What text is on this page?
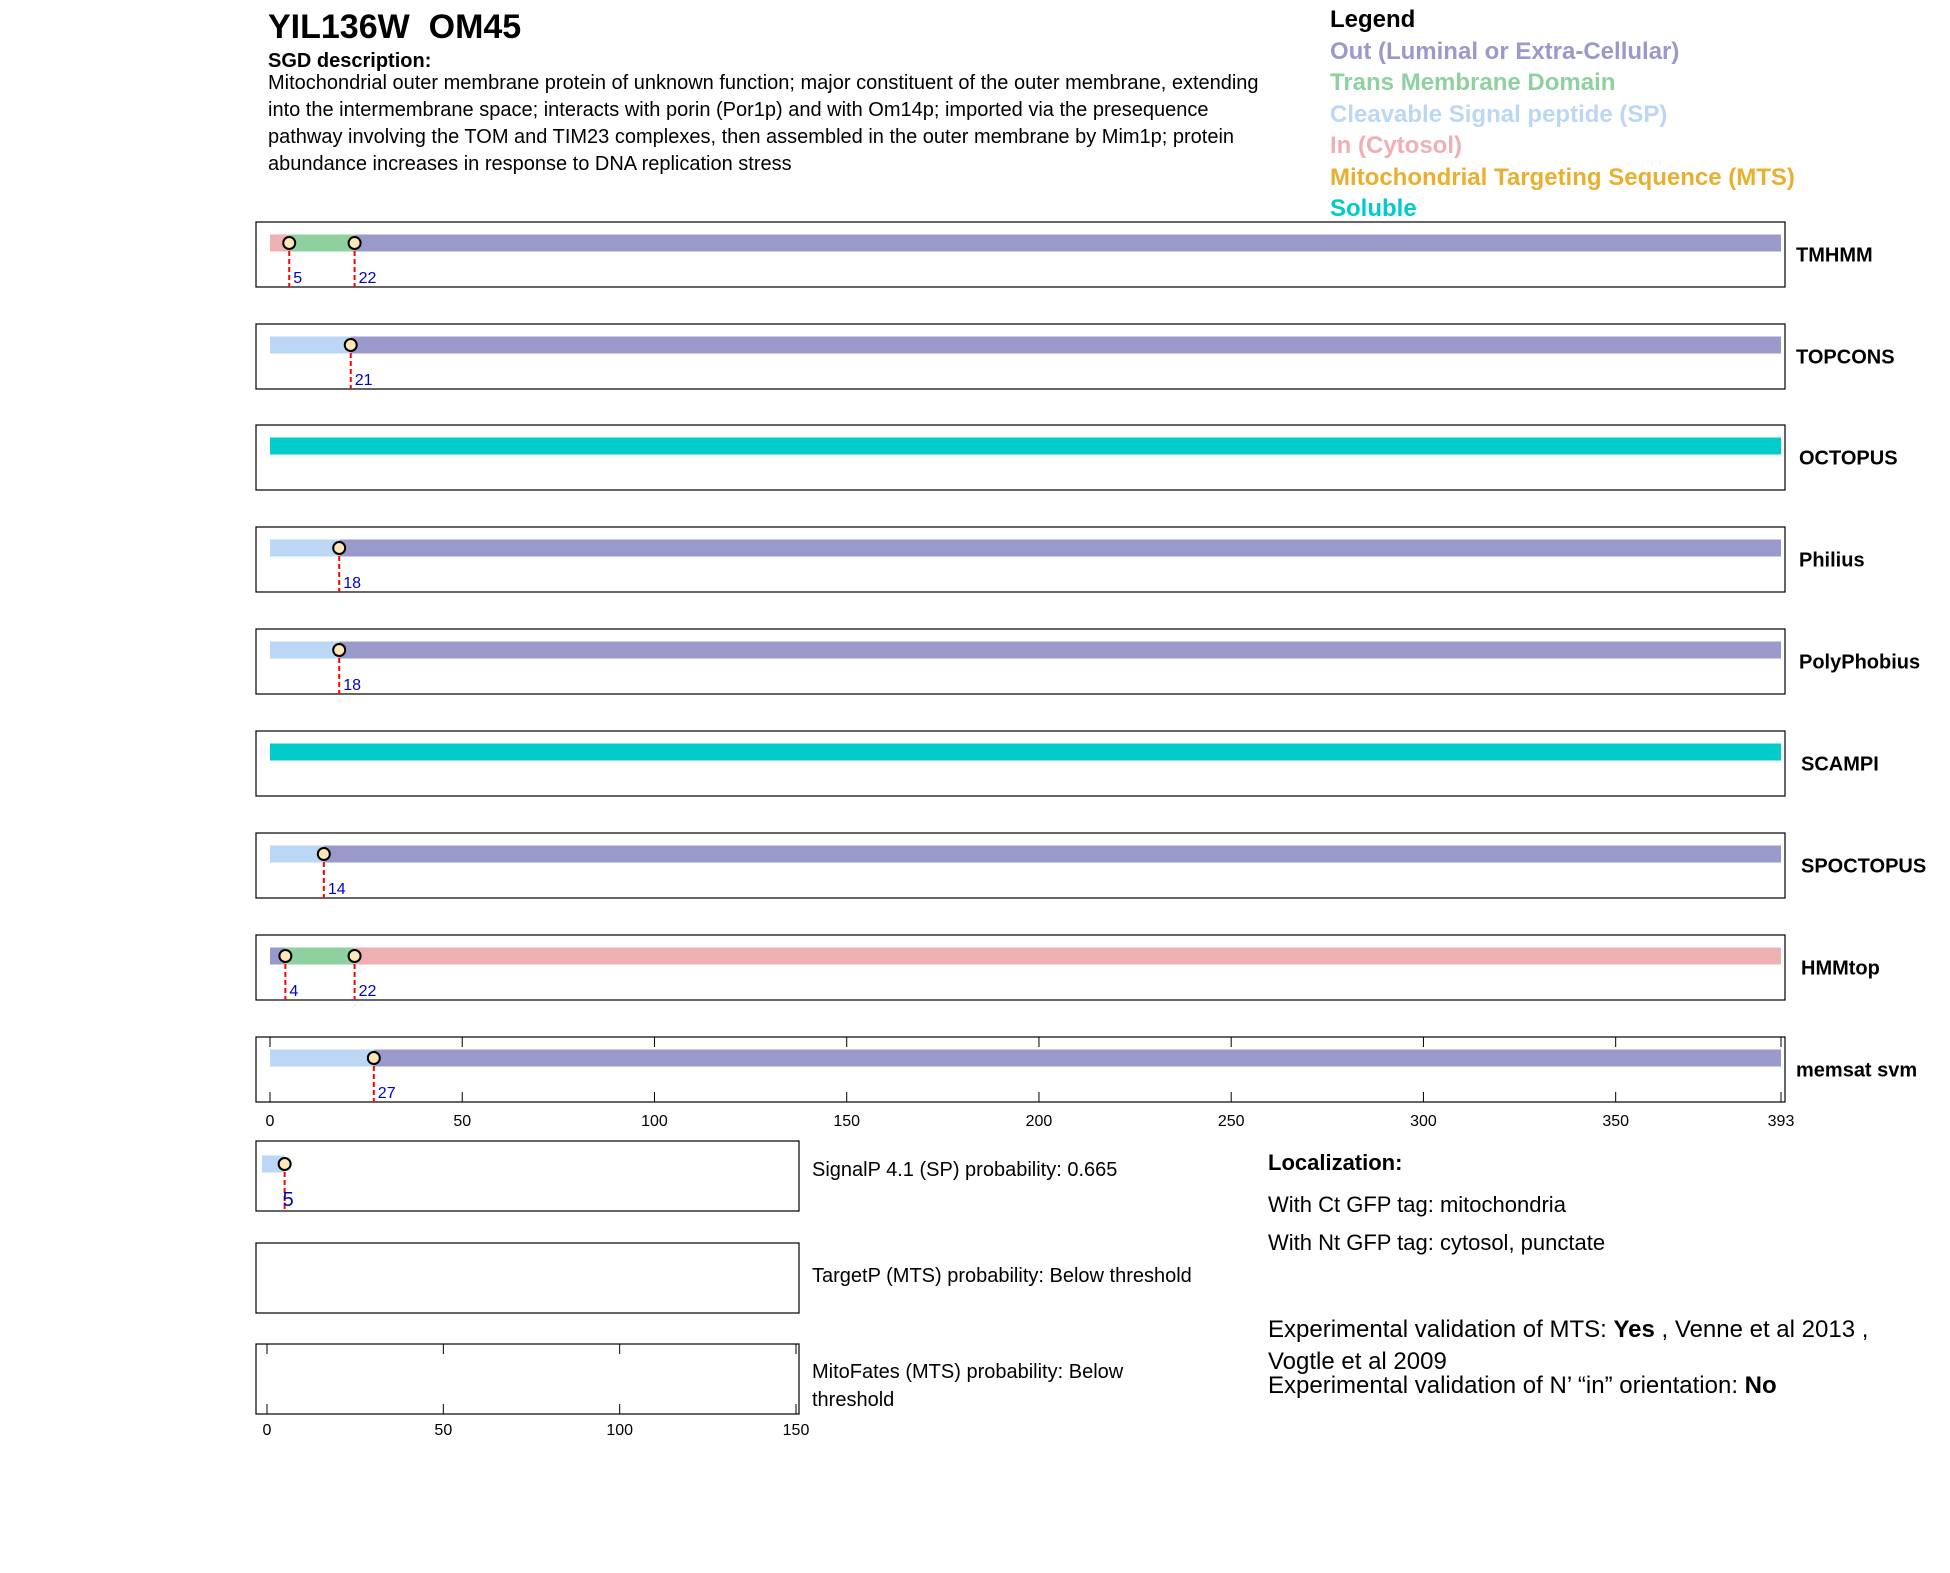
5	22
TMHMM
21
TOPCONS
OCTOPUS
18
Philius
18
PolyPhobius
SCAMPI
14
SPOCTOPUS
4	22
HMMtop
27
memsat svm
0	50	100	150	200	250	300	350	393
5
0	50	100	150
YIL136W OM45
SGD description:
Mitochondrial outer membrane protein of unknown function; major constituent of the outer membrane, extending into the intermembrane space; interacts with porin (Por1p) and with Om14p; imported via the presequence pathway involving the TOM and TIM23 complexes, then assembled in the outer membrane by Mim1p; protein abundance increases in response to DNA replication stress
Legend
Out (Luminal or Extra-Cellular)
Trans Membrane Domain
Cleavable Signal peptide (SP)
In (Cytosol)
Mitochondrial Targeting Sequence (MTS)
Soluble
SignalP 4.1 (SP) probability: 0.665
TargetP (MTS) probability: Below threshold
MitoFates (MTS) probability: Below threshold
Localization:
With Ct GFP tag: mitochondria
With Nt GFP tag: cytosol, punctate
Experimental validation of MTS: Yes , Venne et al 2013 , Vogtle et al 2009
Experimental validation of N’ “in” orientation: No
